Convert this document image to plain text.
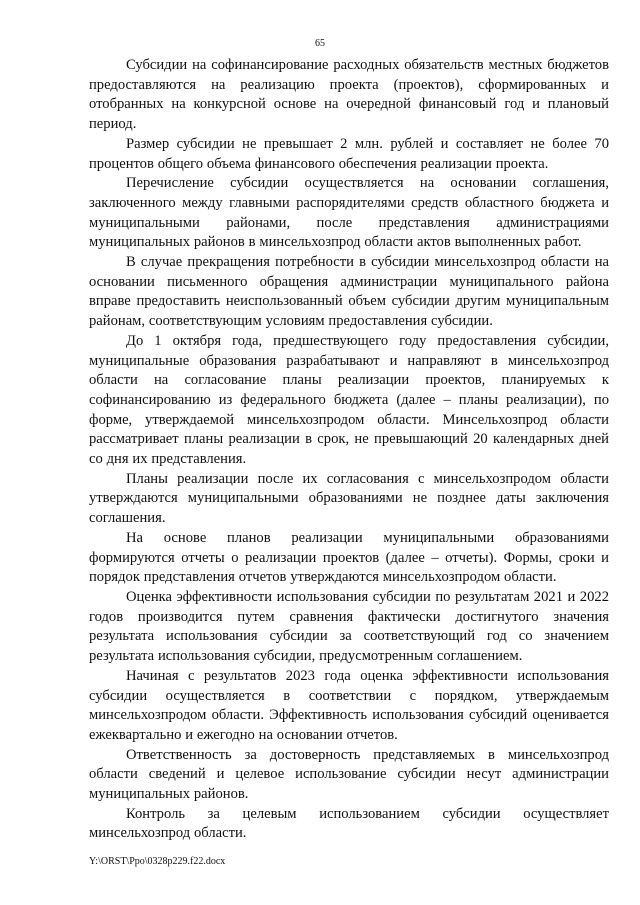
65

Субсидии на софинансирование расходных обязательств местных бюджетов предоставляются на реализацию проекта (проектов), сформированных и отобранных на конкурсной основе на очередной финансовый год и плановый период.

Размер субсидии не превышает 2 млн. рублей и составляет не более 70 процентов общего объема финансового обеспечения реализации проекта.

Перечисление субсидии осуществляется на основании соглашения, заключенного между главными распорядителями средств областного бюджета и муниципальными районами, после представления администрациями муниципальных районов в минсельхозпрод области актов выполненных работ.

В случае прекращения потребности в субсидии минсельхозпрод области на основании письменного обращения администрации муниципального района вправе предоставить неиспользованный объем субсидии другим муниципальным районам, соответствующим условиям предоставления субсидии.

До 1 октября года, предшествующего году предоставления субсидии, муниципальные образования разрабатывают и направляют в минсельхозпрод области на согласование планы реализации проектов, планируемых к софинансированию из федерального бюджета (далее – планы реализации), по форме, утверждаемой минсельхозпродом области. Минсельхозпрод области рассматривает планы реализации в срок, не превышающий 20 календарных дней со дня их представления.

Планы реализации после их согласования с минсельхозпродом области утверждаются муниципальными образованиями не позднее даты заключения соглашения.

На основе планов реализации муниципальными образованиями формируются отчеты о реализации проектов (далее – отчеты). Формы, сроки и порядок представления отчетов утверждаются минсельхозпродом области.

Оценка эффективности использования субсидии по результатам 2021 и 2022 годов производится путем сравнения фактически достигнутого значения результата использования субсидии за соответствующий год со значением результата использования субсидии, предусмотренным соглашением.

Начиная с результатов 2023 года оценка эффективности использования субсидии осуществляется в соответствии с порядком, утверждаемым минсельхозпродом области. Эффективность использования субсидий оценивается ежеквартально и ежегодно на основании отчетов.

Ответственность за достоверность представляемых в минсельхозпрод области сведений и целевое использование субсидии несут администрации муниципальных районов.

Контроль за целевым использованием субсидии осуществляет минсельхозпрод области.

Y:\ORST\Ppo\0328p229.f22.docx
